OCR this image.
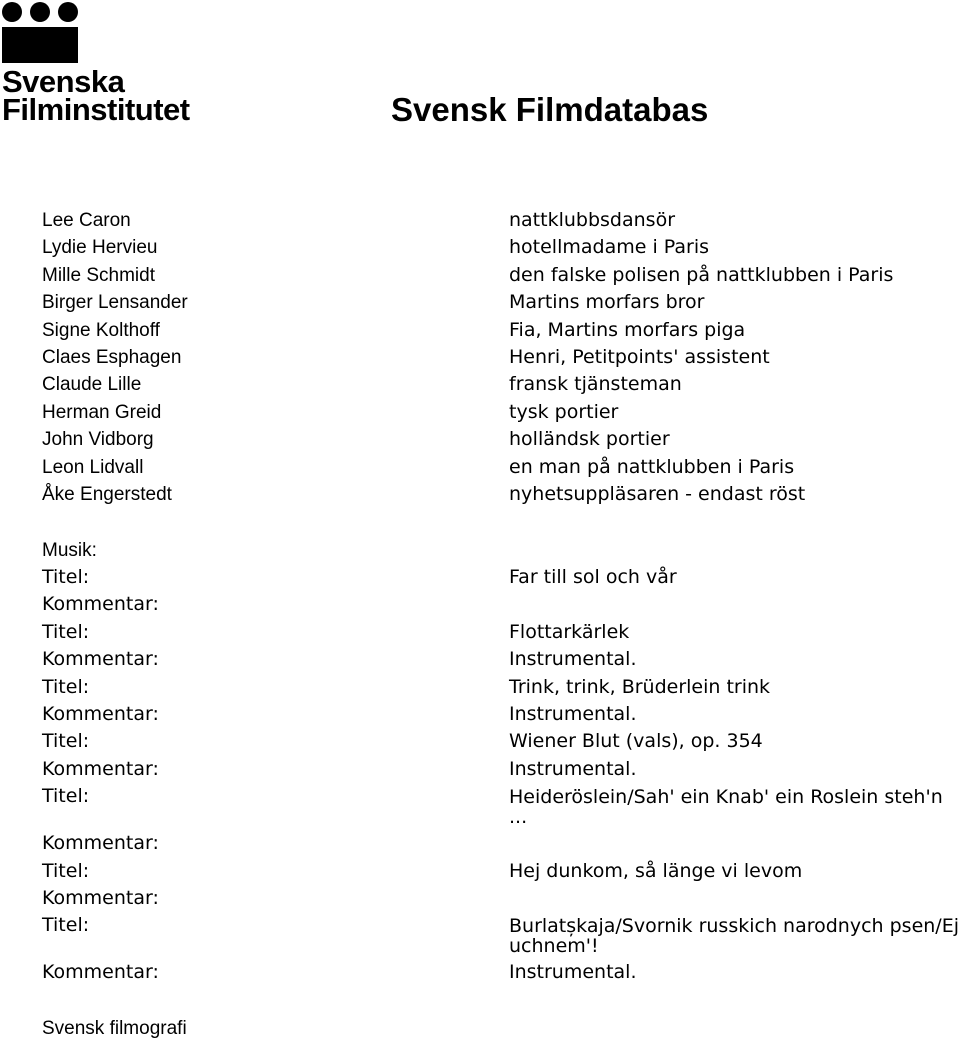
Svenska
Filminstitutet	Svensk Filmdatabas
Lee Caron	nattklubbsdansör
Lydie Hervieu	hotellmadame i Paris
Mille Schmidt	den falske polisen på nattklubben i Paris
Birger Lensander	Martins morfars bror
Signe Kolthoff	Fia, Martins morfars piga
Claes Esphagen	Henri, Petitpoints' assistent
Claude Lille	fransk tjänsteman
Herman Greid	tysk portier
John Vidborg	holländsk portier
Leon Lidvall	en man på nattklubben i Paris
Åke Engerstedt	nyhetsuppläsaren - endast röst
Musik:
Titel:	Far till sol och vår
Kommentar:
Titel:	Flottarkärlek
Kommentar:	Instrumental.
Titel:	Trink, trink, Brüderlein trink
Kommentar:	Instrumental.
Titel:	Wiener Blut (vals), op. 354
Kommentar:	Instrumental.
Titel:	Heideröslein/Sah' ein Knab' ein Roslein steh'n ...
Kommentar:
Titel:	Hej dunkom, så länge vi levom
Kommentar:
Titel:	Burlatșkaja/Svornik russkich narodnych psen/Ej uchnem'!
Kommentar:	Instrumental.
Svensk filmografi
